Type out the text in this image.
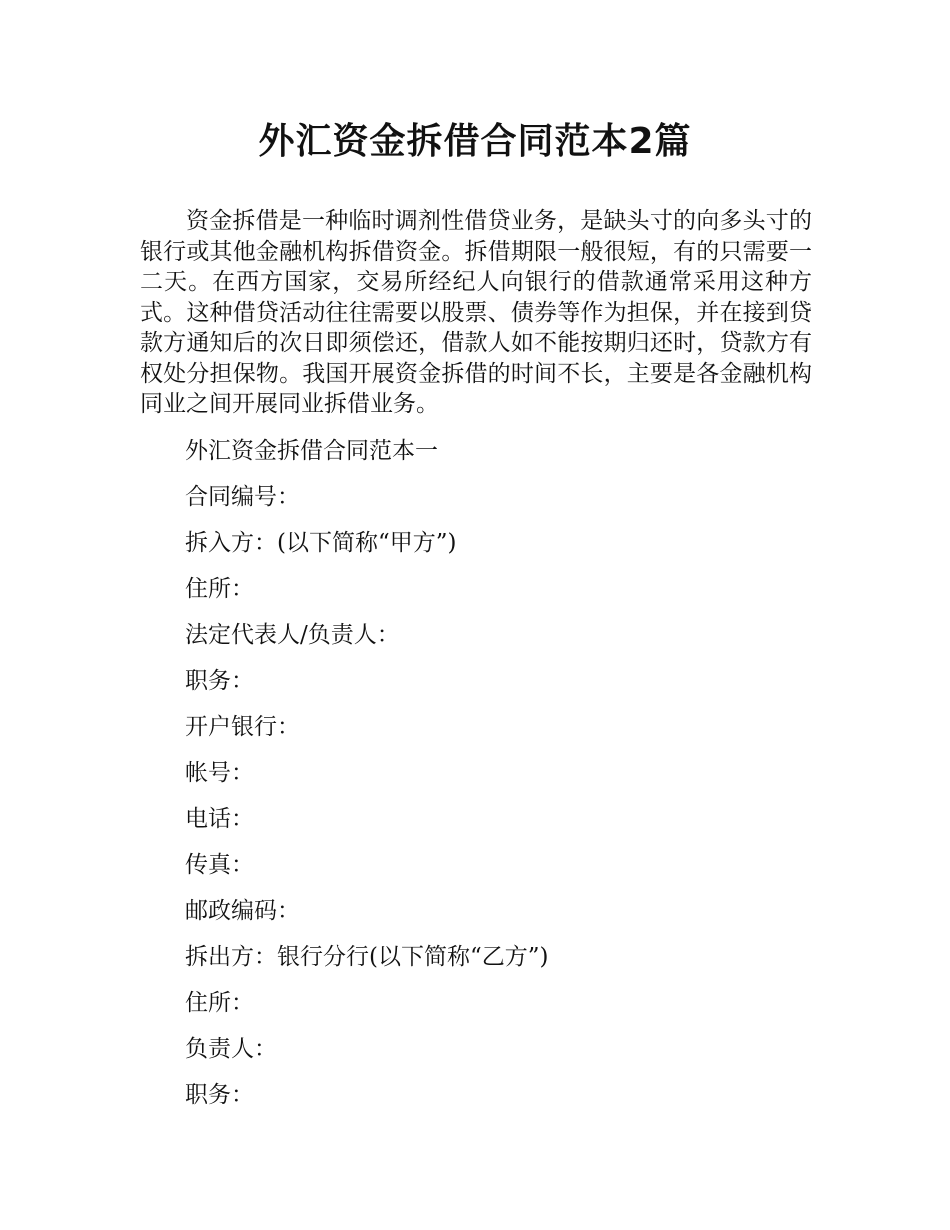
外汇资金拆借合同范本2篇

资金拆借是一种临时调剂性借贷业务，是缺头寸的向多头寸的银行或其他金融机构拆借资金。拆借期限一般很短，有的只需要一二天。在西方国家，交易所经纪人向银行的借款通常采用这种方式。这种借贷活动往往需要以股票、债券等作为担保，并在接到贷款方通知后的次日即须偿还，借款人如不能按期归还时，贷款方有权处分担保物。我国开展资金拆借的时间不长，主要是各金融机构同业之间开展同业拆借业务。

外汇资金拆借合同范本一
合同编号：
拆入方：(以下简称“甲方”)
住所：
法定代表人/负责人：
职务：
开户银行：
帐号：
电话：
传真：
邮政编码：
拆出方：银行分行(以下简称“乙方”)
住所：
负责人：
职务：
